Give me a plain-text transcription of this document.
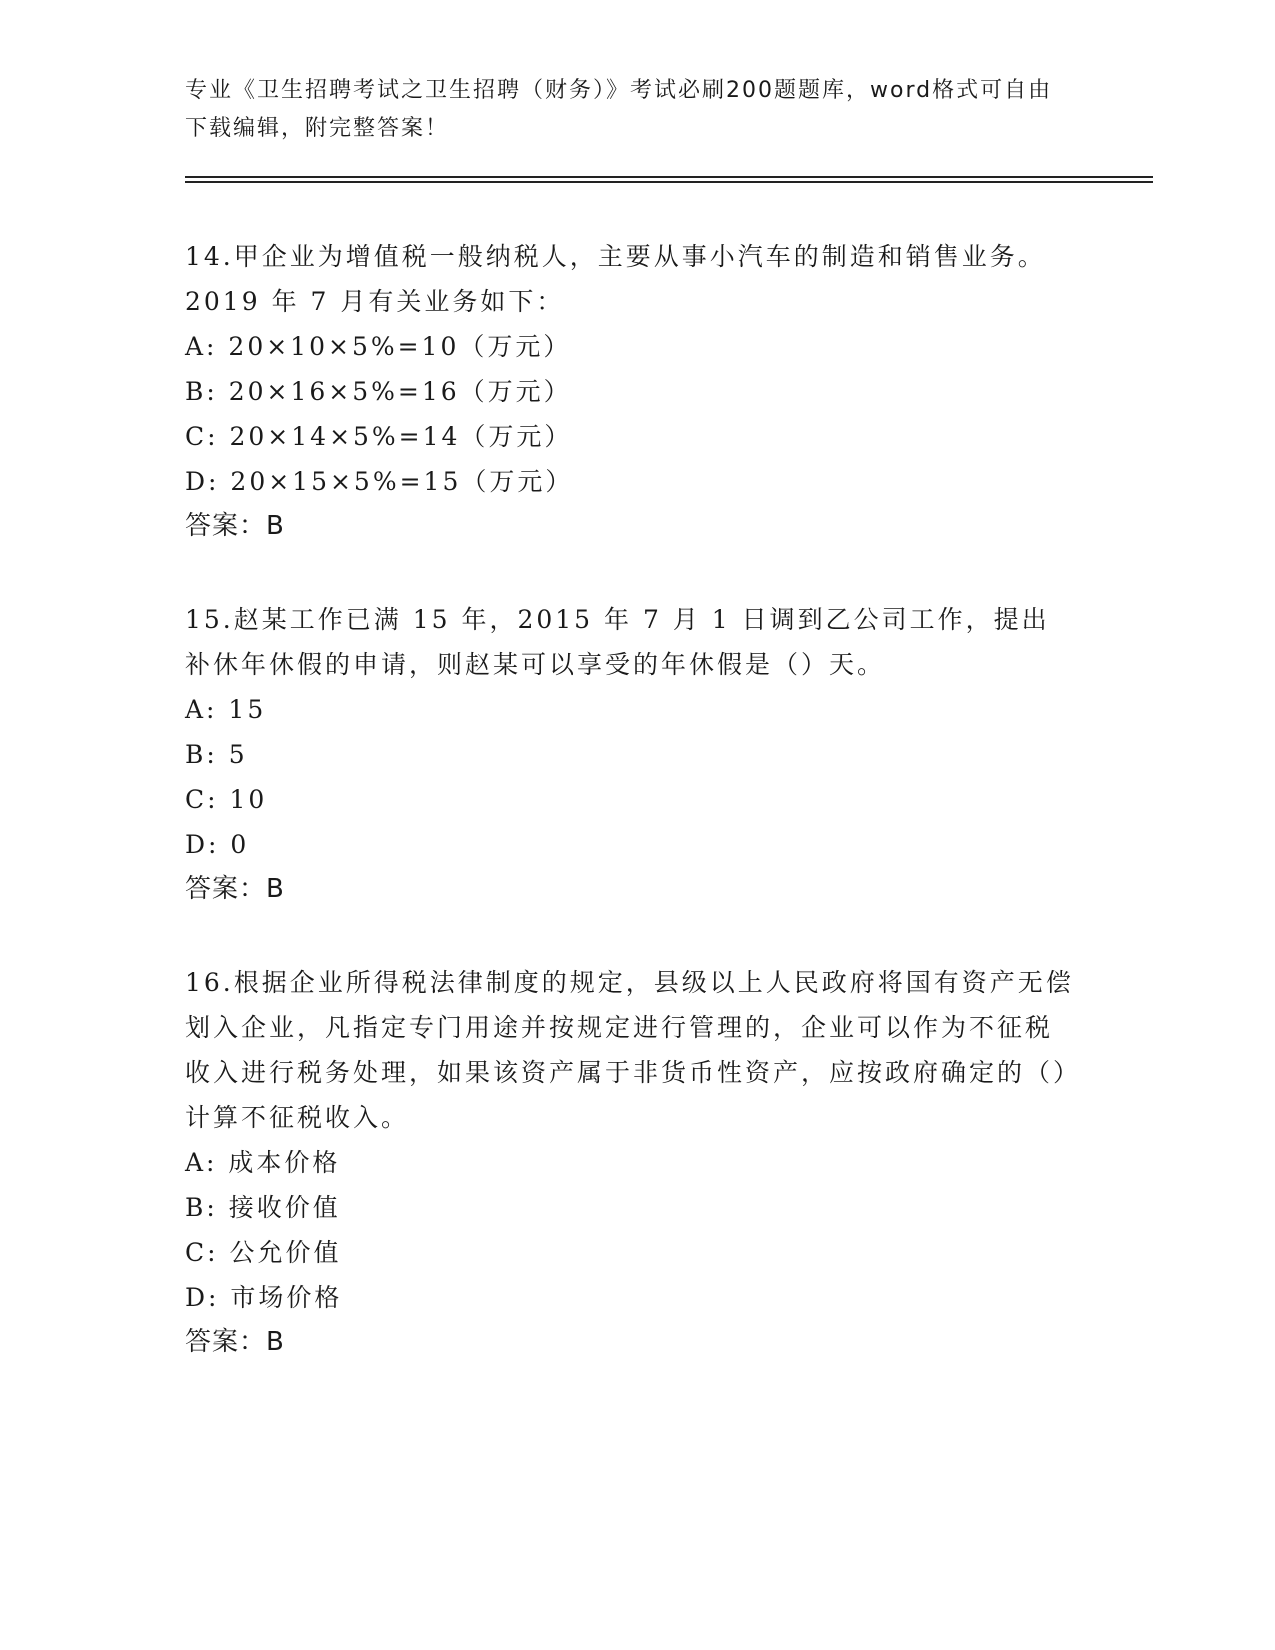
专业《卫生招聘考试之卫生招聘（财务）》考试必刷200题题库，word格式可自由下载编辑，附完整答案！

14.甲企业为增值税一般纳税人，主要从事小汽车的制造和销售业务。2019 年 7 月有关业务如下：

A: 20×10×5%=10（万元）
B: 20×16×5%=16（万元）
C: 20×14×5%=14（万元）
D: 20×15×5%=15（万元）

答案：B

15.赵某工作已满 15 年，2015 年 7 月 1 日调到乙公司工作，提出补休年休假的申请，则赵某可以享受的年休假是（）天。

A: 15
B: 5
C: 10
D: 0

答案：B

16.根据企业所得税法律制度的规定，县级以上人民政府将国有资产无偿划入企业，凡指定专门用途并按规定进行管理的，企业可以作为不征税收入进行税务处理，如果该资产属于非货币性资产，应按政府确定的（）计算不征税收入。

A: 成本价格
B: 接收价值
C: 公允价值
D: 市场价格

答案：B
